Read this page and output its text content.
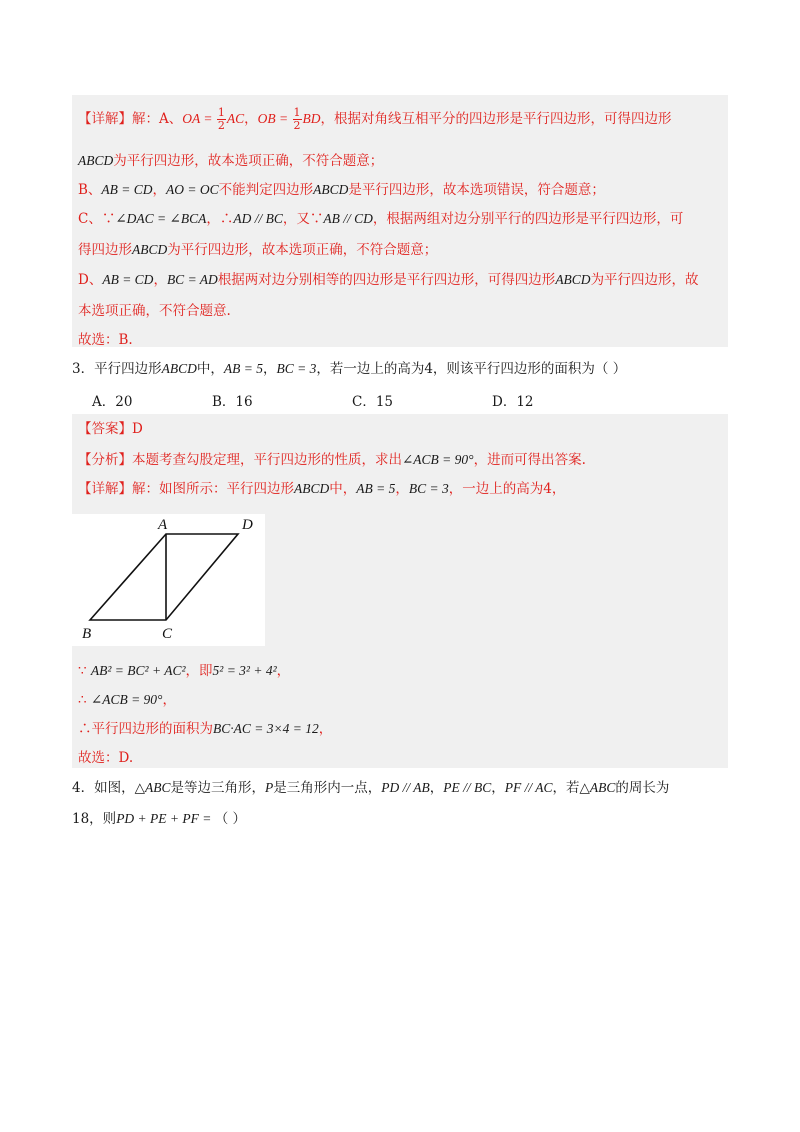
【详解】解：A、OA = $\frac{1}{2}$ AC，OB = $\frac{1}{2}$ BD，根据对角线互相平分的四边形是平行四边形，可得四边形
ABCD为平行四边形，故本选项正确，不符合题意；
B、AB = CD，AO = OC不能判定四边形ABCD是平行四边形，故本选项错误，符合题意；
C、∵∠DAC = ∠BCA，∴AD // BC，又∵AB // CD，根据两组对边分别平行的四边形是平行四边形，可
得四边形ABCD为平行四边形，故本选项正确，不符合题意；
D、AB = CD，BC = AD根据两对边分别相等的四边形是平行四边形，可得四边形ABCD为平行四边形，故
本选项正确，不符合题意.
故选：B.
3．平行四边形ABCD中，AB = 5，BC = 3，若一边上的高为4，则该平行四边形的面积为（ ）
A．20	B．16	C．15	D．12
【答案】D
【分析】本题考查勾股定理，平行四边形的性质，求出∠ACB = 90°，进而可得出答案.
【详解】解：如图所示：平行四边形ABCD中，AB = 5，BC = 3，一边上的高为4，
A	D
B	C
∵ AB² = BC² + AC²，即5² = 3² + 4²，
∴ ∠ACB = 90°，
∴平行四边形的面积为BC·AC = 3×4 = 12，
故选：D.
4．如图，△ABC是等边三角形，P是三角形内一点，PD // AB，PE // BC，PF // AC，若△ABC的周长为
18，则PD + PE + PF = （ ）
